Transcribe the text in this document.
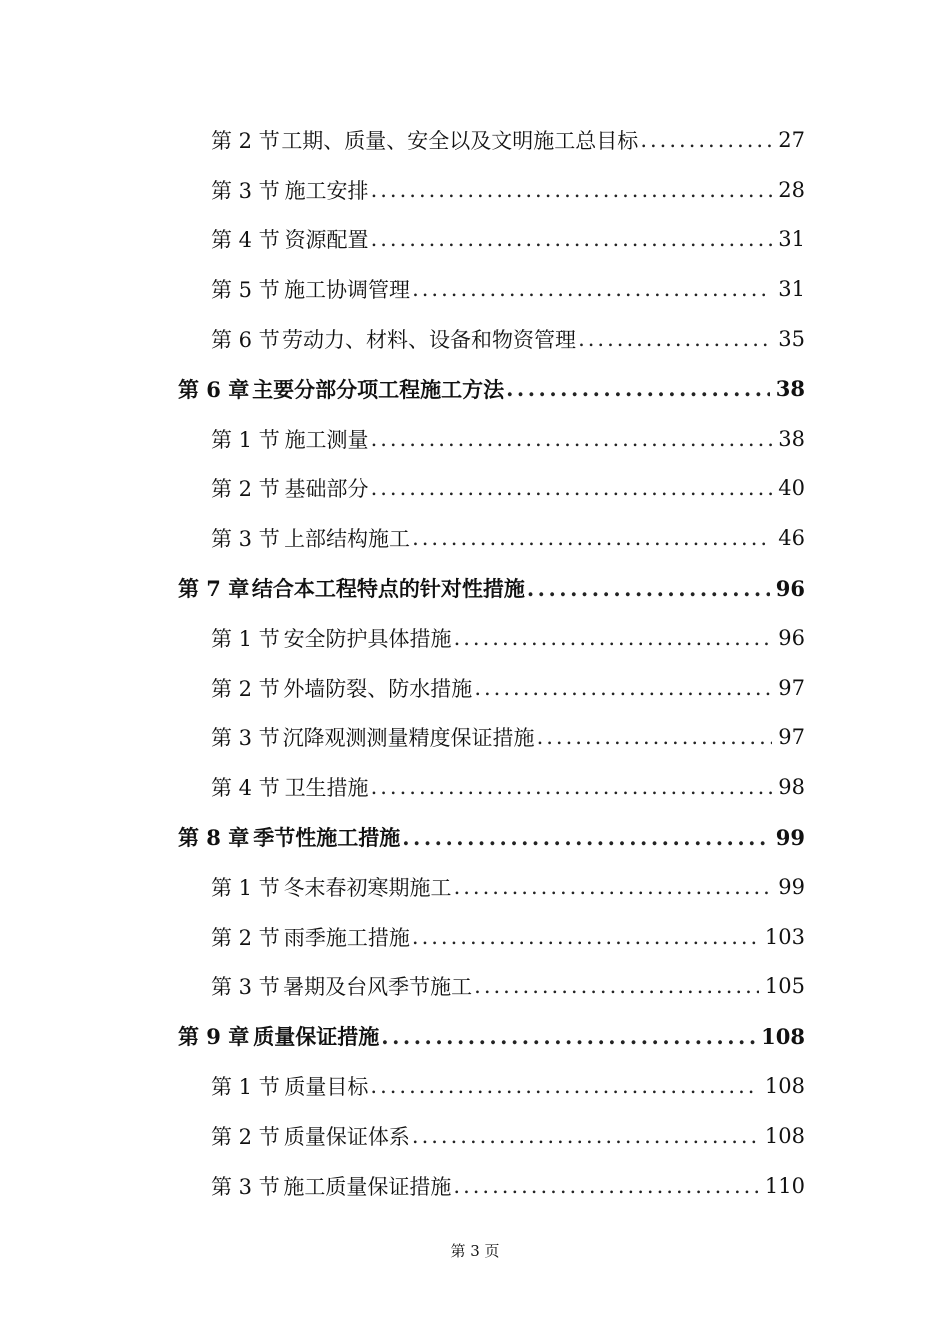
第 2 节 工期、质量、安全以及文明施工总目标 .....	27
第 3 节 施工安排 .....	28
第 4 节 资源配置 .....	31
第 5 节 施工协调管理 .....	31
第 6 节 劳动力、材料、设备和物资管理 .....	35
第 6 章 主要分部分项工程施工方法 .....	38
第 1 节 施工测量 .....	38
第 2 节 基础部分 .....	40
第 3 节 上部结构施工 .....	46
第 7 章 结合本工程特点的针对性措施 .....	96
第 1 节 安全防护具体措施 .....	96
第 2 节 外墙防裂、防水措施 .....	97
第 3 节 沉降观测测量精度保证措施 .....	97
第 4 节 卫生措施 .....	98
第 8 章 季节性施工措施 .....	99
第 1 节 冬末春初寒期施工 .....	99
第 2 节 雨季施工措施 .....	103
第 3 节 暑期及台风季节施工 .....	105
第 9 章 质量保证措施 .....	108
第 1 节 质量目标 .....	108
第 2 节 质量保证体系 .....	108
第 3 节 施工质量保证措施 .....	110
第 3 页
